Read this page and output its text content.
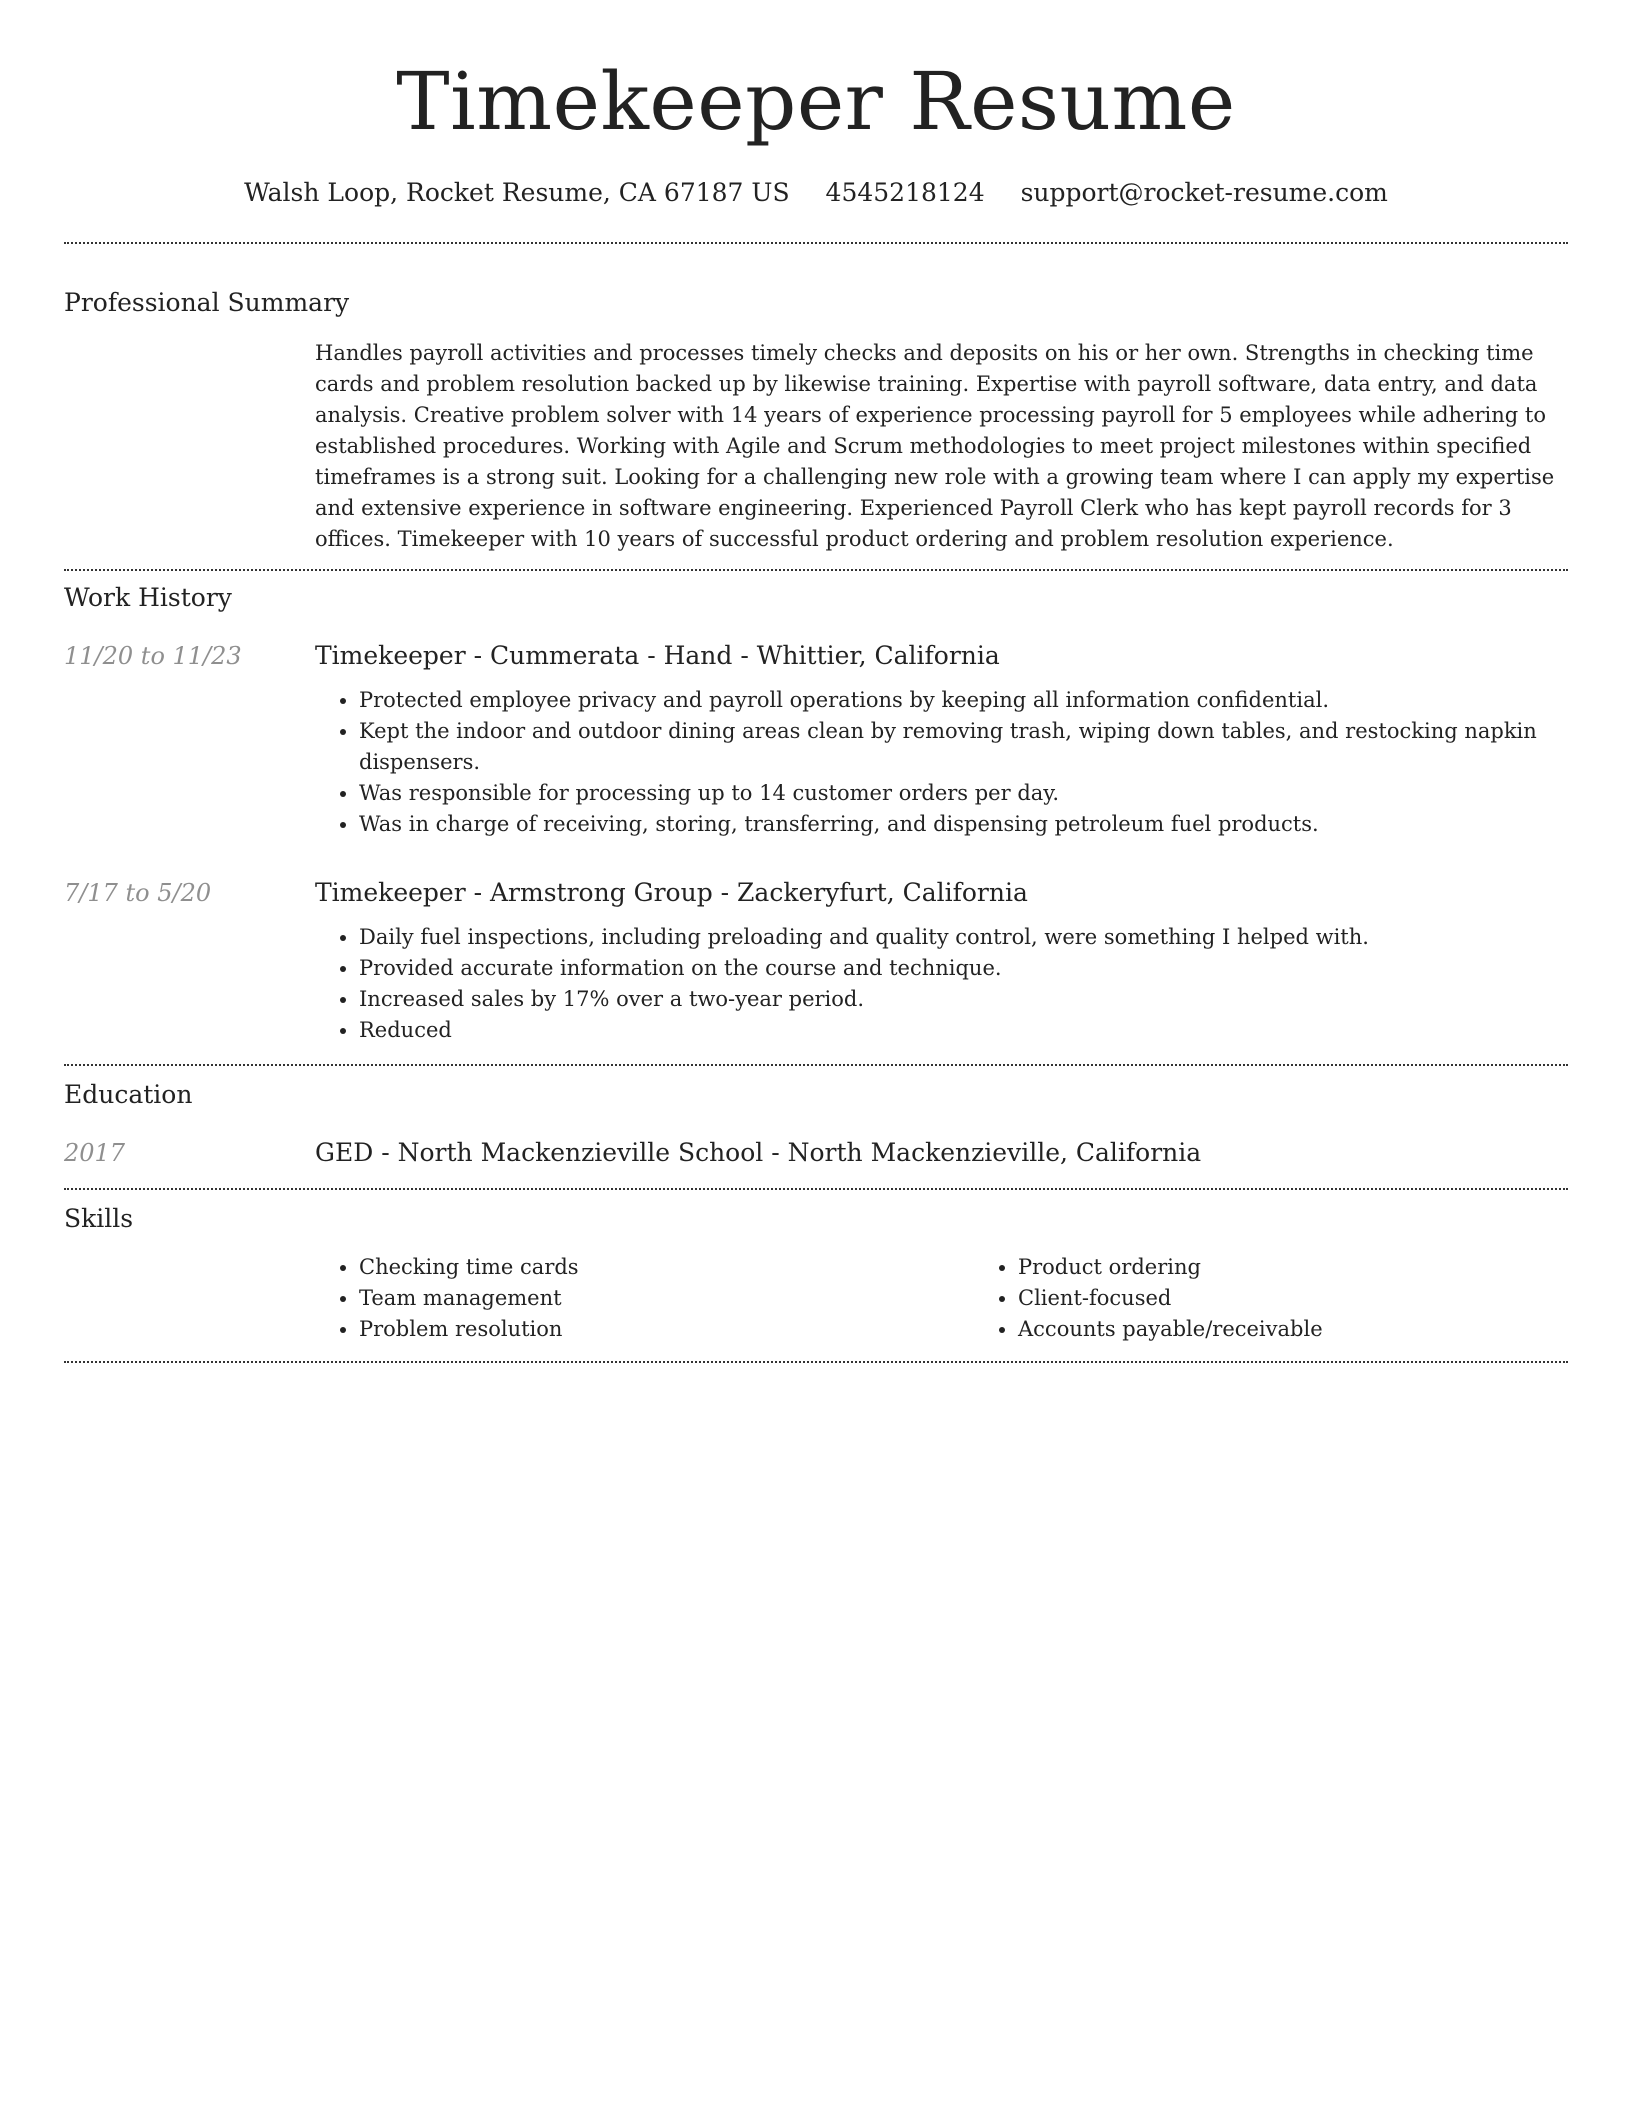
Timekeeper Resume
Walsh Loop, Rocket Resume, CA 67187 US 4545218124 support@rocket-resume.com
Professional Summary

Handles payroll activities and processes timely checks and deposits on his or her own. Strengths in checking time cards and problem resolution backed up by likewise training. Expertise with payroll software, data entry, and data analysis. Creative problem solver with 14 years of experience processing payroll for 5 employees while adhering to established procedures. Working with Agile and Scrum methodologies to meet project milestones within specified timeframes is a strong suit. Looking for a challenging new role with a growing team where I can apply my expertise and extensive experience in software engineering. Experienced Payroll Clerk who has kept payroll records for 3 offices. Timekeeper with 10 years of successful product ordering and problem resolution experience.

Work History
11/20 to 11/23	Timekeeper - Cummerata - Hand - Whittier, California

• Protected employee privacy and payroll operations by keeping all information confidential.
• Kept the indoor and outdoor dining areas clean by removing trash, wiping down tables, and restocking napkin dispensers.
• Was responsible for processing up to 14 customer orders per day.
• Was in charge of receiving, storing, transferring, and dispensing petroleum fuel products.
7/17 to 5/20	Timekeeper - Armstrong Group - Zackeryfurt, California

• Daily fuel inspections, including preloading and quality control, were something I helped with.
• Provided accurate information on the course and technique.
• Increased sales by 17% over a two-year period.
• Reduced
Education
2017	GED - North Mackenzieville School - North Mackenzieville, California

Skills
• Checking time cards
• Team management
• Problem resolution
• Product ordering
• Client-focused
• Accounts payable/receivable
